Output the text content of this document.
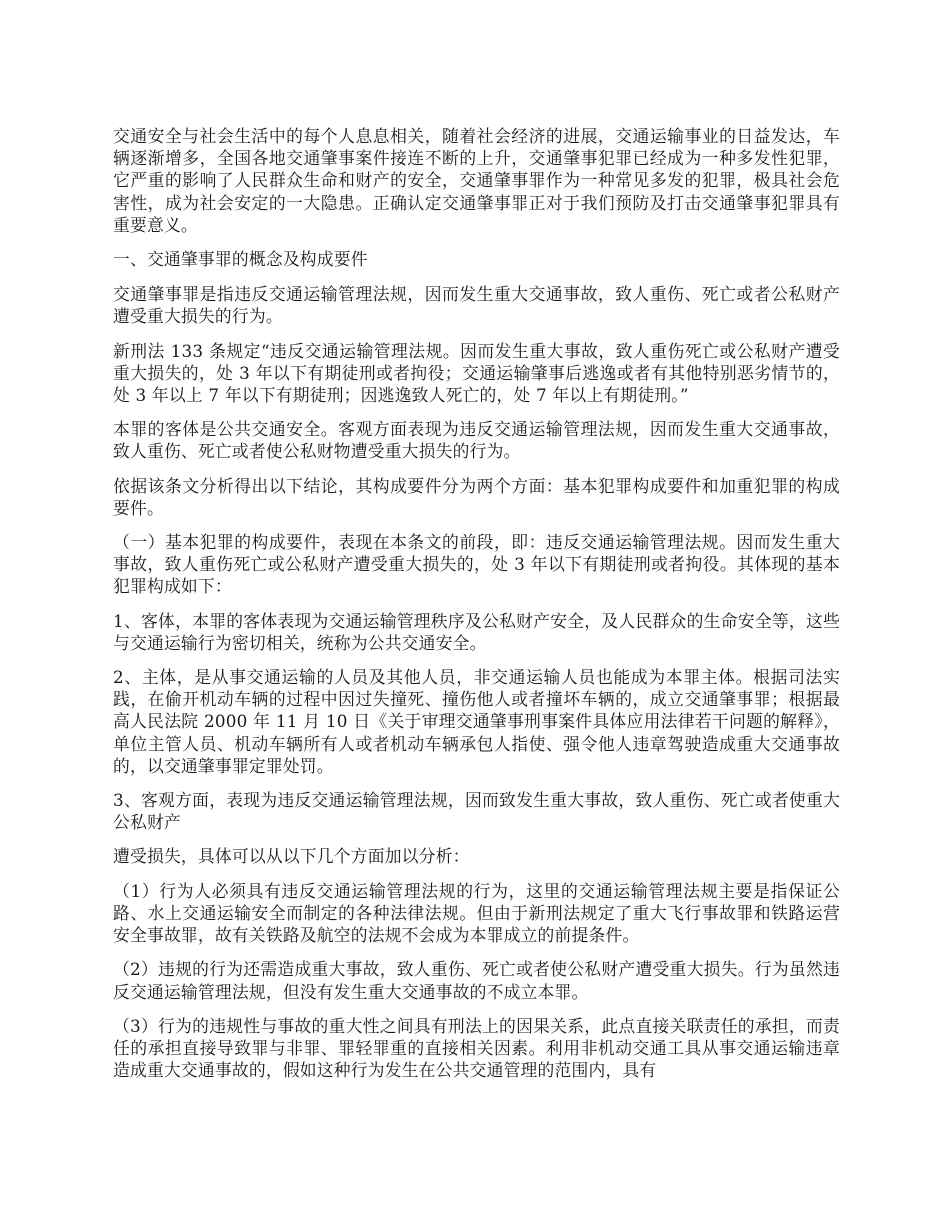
交通安全与社会生活中的每个人息息相关，随着社会经济的进展，交通运输事业的日益发达，车辆逐渐增多，全国各地交通肇事案件接连不断的上升，交通肇事犯罪已经成为一种多发性犯罪，它严重的影响了人民群众生命和财产的安全，交通肇事罪作为一种常见多发的犯罪，极具社会危害性，成为社会安定的一大隐患。正确认定交通肇事罪正对于我们预防及打击交通肇事犯罪具有重要意义。

一、交通肇事罪的概念及构成要件

交通肇事罪是指违反交通运输管理法规，因而发生重大交通事故，致人重伤、死亡或者公私财产遭受重大损失的行为。

新刑法 133 条规定“违反交通运输管理法规。因而发生重大事故，致人重伤死亡或公私财产遭受重大损失的，处 3 年以下有期徒刑或者拘役；交通运输肇事后逃逸或者有其他特别恶劣情节的，处 3 年以上 7 年以下有期徒刑；因逃逸致人死亡的，处 7 年以上有期徒刑。”

本罪的客体是公共交通安全。客观方面表现为违反交通运输管理法规，因而发生重大交通事故，致人重伤、死亡或者使公私财物遭受重大损失的行为。

依据该条文分析得出以下结论，其构成要件分为两个方面：基本犯罪构成要件和加重犯罪的构成要件。

（一）基本犯罪的构成要件，表现在本条文的前段，即：违反交通运输管理法规。因而发生重大事故，致人重伤死亡或公私财产遭受重大损失的，处 3 年以下有期徒刑或者拘役。其体现的基本犯罪构成如下：

1、客体，本罪的客体表现为交通运输管理秩序及公私财产安全，及人民群众的生命安全等，这些与交通运输行为密切相关，统称为公共交通安全。

2、主体，是从事交通运输的人员及其他人员，非交通运输人员也能成为本罪主体。根据司法实践，在偷开机动车辆的过程中因过失撞死、撞伤他人或者撞坏车辆的，成立交通肇事罪；根据最高人民法院 2000 年 11 月 10 日《关于审理交通肇事刑事案件具体应用法律若干问题的解释》，单位主管人员、机动车辆所有人或者机动车辆承包人指使、强令他人违章驾驶造成重大交通事故的，以交通肇事罪定罪处罚。

3、客观方面，表现为违反交通运输管理法规，因而致发生重大事故，致人重伤、死亡或者使重大公私财产

遭受损失，具体可以从以下几个方面加以分析：

（1）行为人必须具有违反交通运输管理法规的行为，这里的交通运输管理法规主要是指保证公路、水上交通运输安全而制定的各种法律法规。但由于新刑法规定了重大飞行事故罪和铁路运营安全事故罪，故有关铁路及航空的法规不会成为本罪成立的前提条件。

（2）违规的行为还需造成重大事故，致人重伤、死亡或者使公私财产遭受重大损失。行为虽然违反交通运输管理法规，但没有发生重大交通事故的不成立本罪。

（3）行为的违规性与事故的重大性之间具有刑法上的因果关系，此点直接关联责任的承担，而责任的承担直接导致罪与非罪、罪轻罪重的直接相关因素。利用非机动交通工具从事交通运输违章造成重大交通事故的，假如这种行为发生在公共交通管理的范围内，具有
